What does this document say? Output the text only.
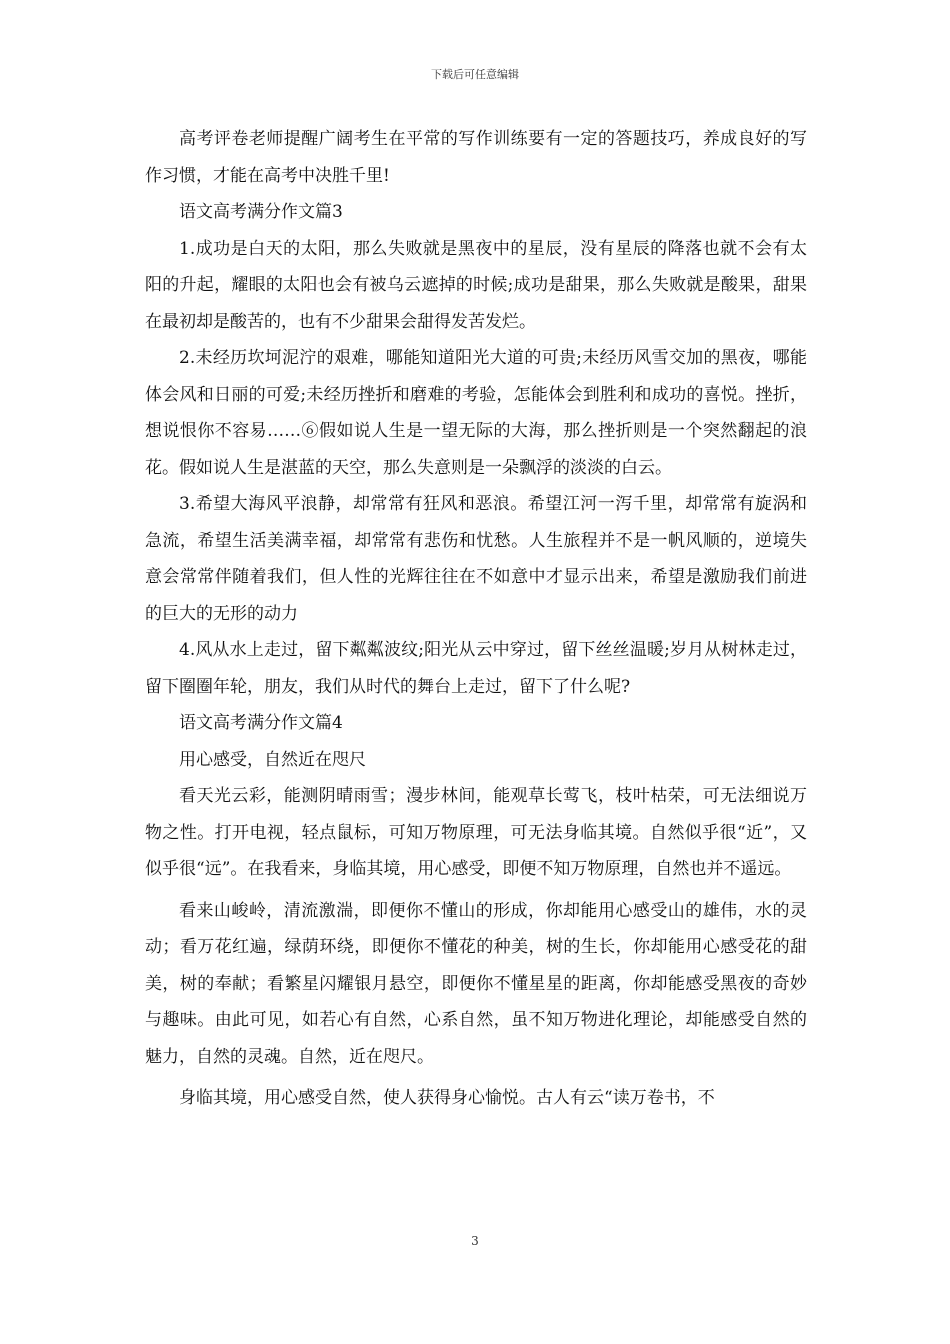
下载后可任意编辑

高考评卷老师提醒广阔考生在平常的写作训练要有一定的答题技巧，养成良好的写作习惯，才能在高考中决胜千里!

语文高考满分作文篇3

1.成功是白天的太阳，那么失败就是黑夜中的星辰，没有星辰的降落也就不会有太阳的升起，耀眼的太阳也会有被乌云遮掉的时候;成功是甜果，那么失败就是酸果，甜果在最初却是酸苦的，也有不少甜果会甜得发苦发烂。

2.未经历坎坷泥泞的艰难，哪能知道阳光大道的可贵;未经历风雪交加的黑夜，哪能体会风和日丽的可爱;未经历挫折和磨难的考验，怎能体会到胜利和成功的喜悦。挫折，想说恨你不容易……⑥假如说人生是一望无际的大海，那么挫折则是一个突然翻起的浪花。假如说人生是湛蓝的天空，那么失意则是一朵飘浮的淡淡的白云。

3.希望大海风平浪静，却常常有狂风和恶浪。希望江河一泻千里，却常常有旋涡和急流，希望生活美满幸福，却常常有悲伤和忧愁。人生旅程并不是一帆风顺的，逆境失意会常常伴随着我们，但人性的光辉往往在不如意中才显示出来，希望是激励我们前进的巨大的无形的动力

4.风从水上走过，留下粼粼波纹;阳光从云中穿过，留下丝丝温暖;岁月从树林走过，留下圈圈年轮，朋友，我们从时代的舞台上走过，留下了什么呢?

语文高考满分作文篇4

用心感受，自然近在咫尺

看天光云彩，能测阴晴雨雪；漫步林间，能观草长莺飞，枝叶枯荣，可无法细说万物之性。打开电视，轻点鼠标，可知万物原理，可无法身临其境。自然似乎很“近”，又似乎很“远”。在我看来，身临其境，用心感受，即便不知万物原理，自然也并不遥远。

看来山峻岭，清流激湍，即便你不懂山的形成，你却能用心感受山的雄伟，水的灵动；看万花红遍，绿荫环绕，即便你不懂花的种美，树的生长，你却能用心感受花的甜美，树的奉献；看繁星闪耀银月悬空，即便你不懂星星的距离，你却能感受黑夜的奇妙与趣味。由此可见，如若心有自然，心系自然，虽不知万物进化理论，却能感受自然的魅力，自然的灵魂。自然，近在咫尺。

身临其境，用心感受自然，使人获得身心愉悦。古人有云“读万卷书，不

3
